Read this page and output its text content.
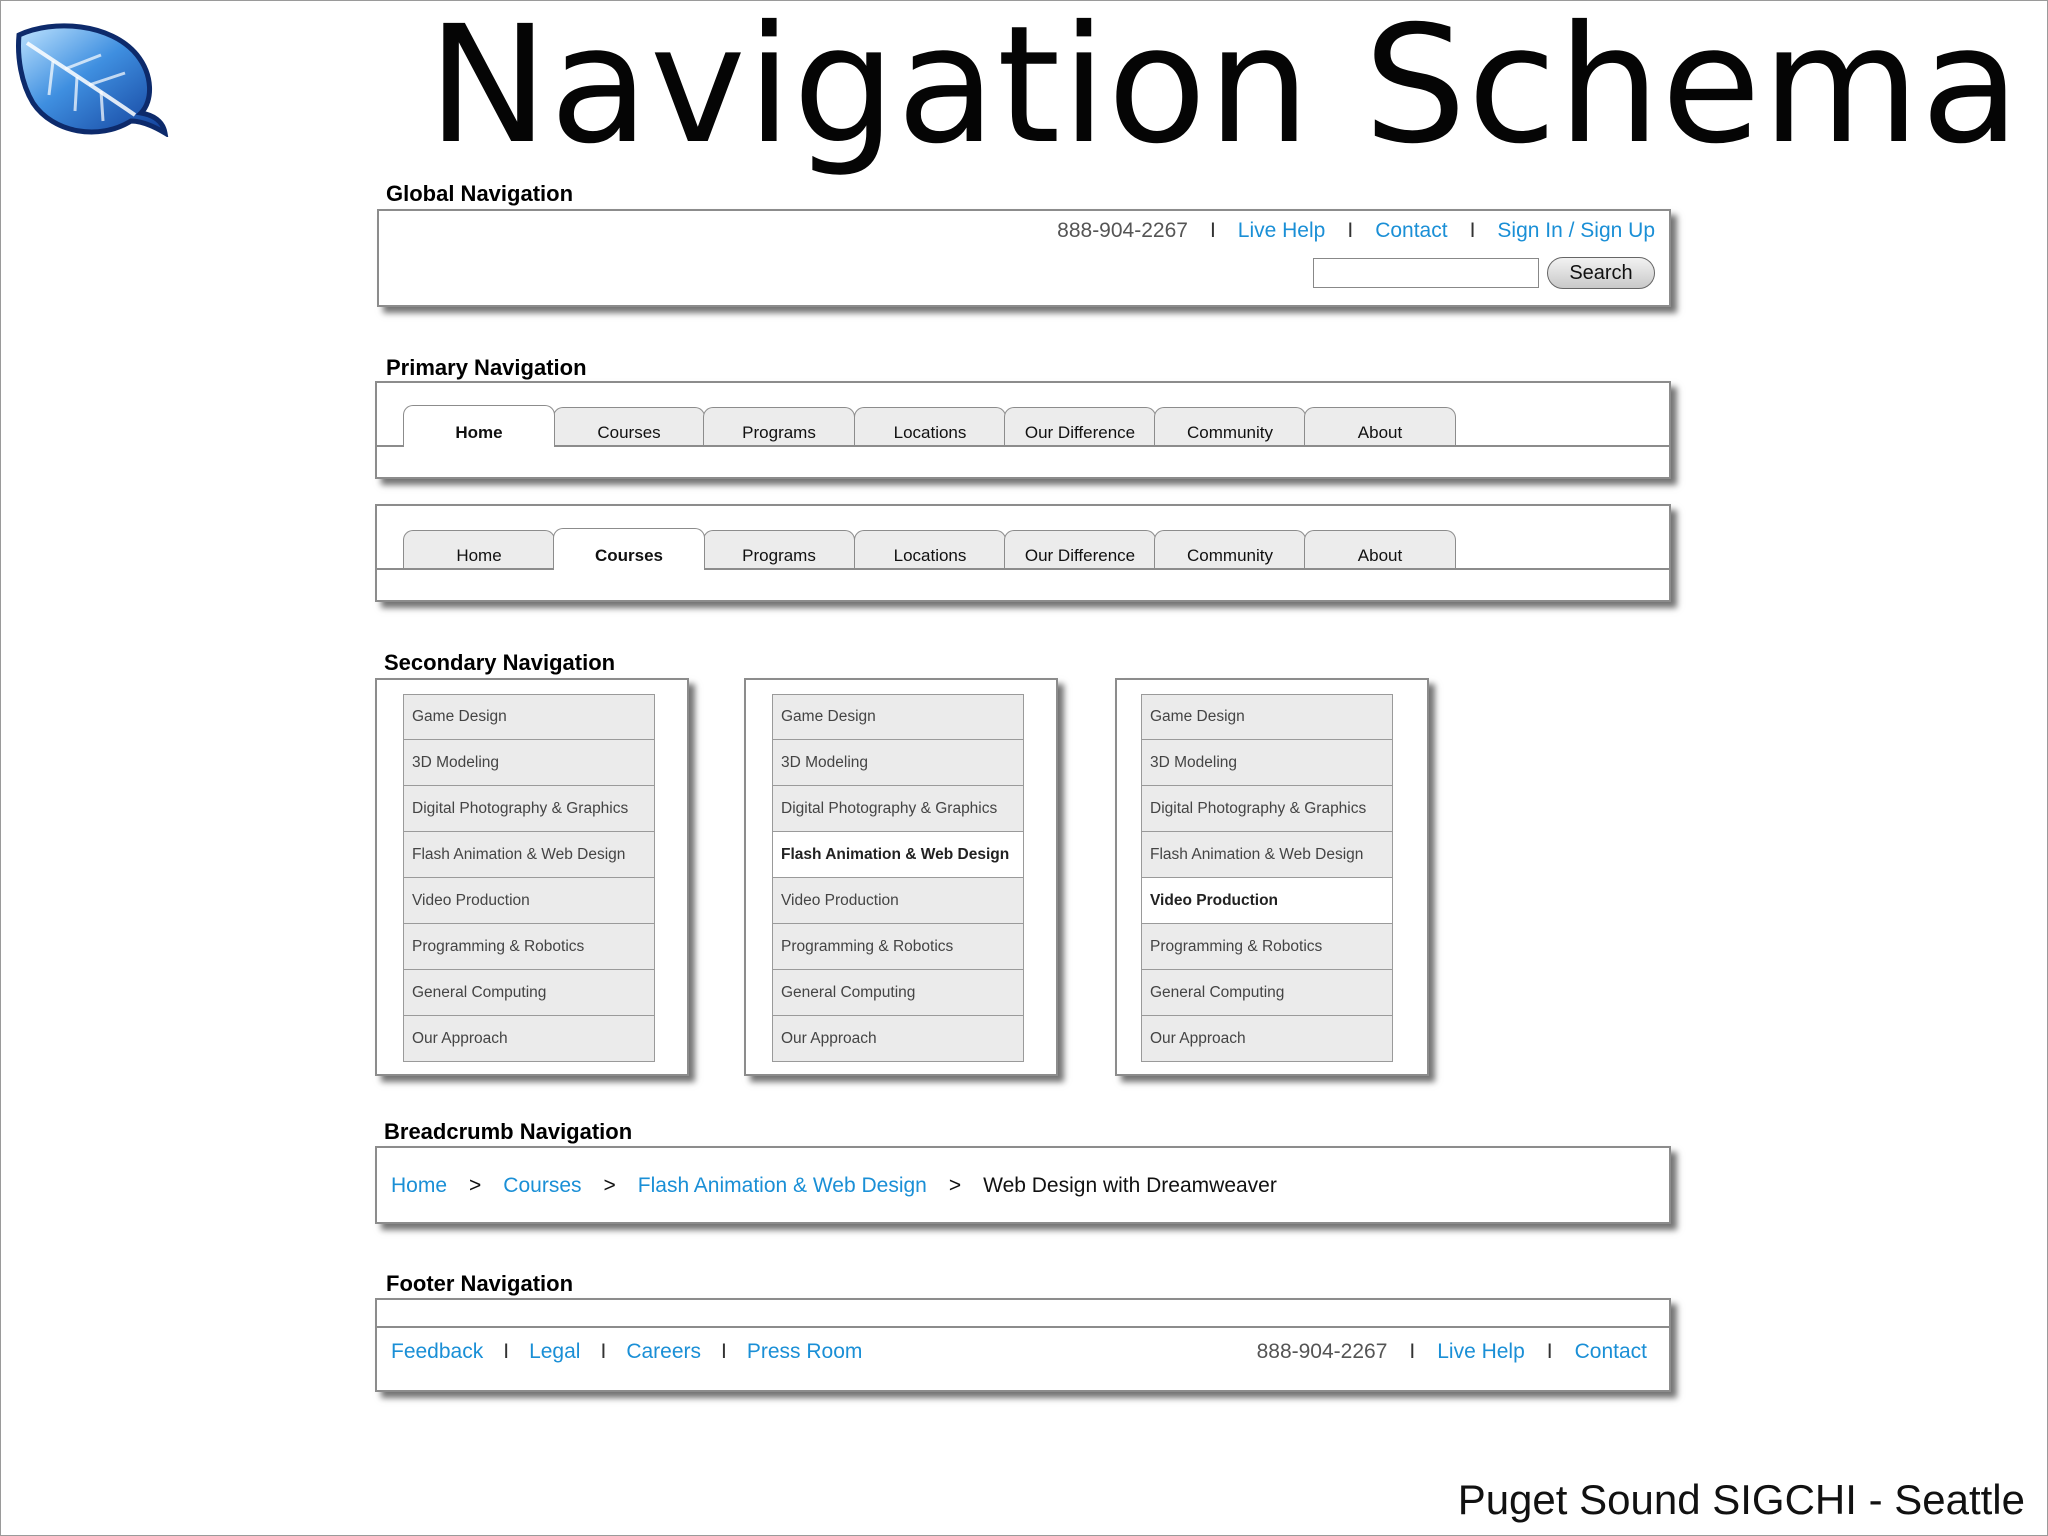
Navigation Schema
Global Navigation
888-904-2267 I Live Help I Contact I Sign In / Sign Up
Search
Primary Navigation
Home	Courses	Programs	Locations	Our Difference	Community	About
Home	Courses	Programs	Locations	Our Difference	Community	About
Secondary Navigation
Game Design
3D Modeling
Digital Photography & Graphics
Flash Animation & Web Design
Video Production
Programming & Robotics
General Computing
Our Approach
Game Design
3D Modeling
Digital Photography & Graphics
Flash Animation & Web Design
Video Production
Programming & Robotics
General Computing
Our Approach
Game Design
3D Modeling
Digital Photography & Graphics
Flash Animation & Web Design
Video Production
Programming & Robotics
General Computing
Our Approach
Breadcrumb Navigation
Home > Courses > Flash Animation & Web Design > Web Design with Dreamweaver
Footer Navigation
Feedback I Legal I Careers I Press Room	888-904-2267 I Live Help I Contact
Puget Sound SIGCHI - Seattle
